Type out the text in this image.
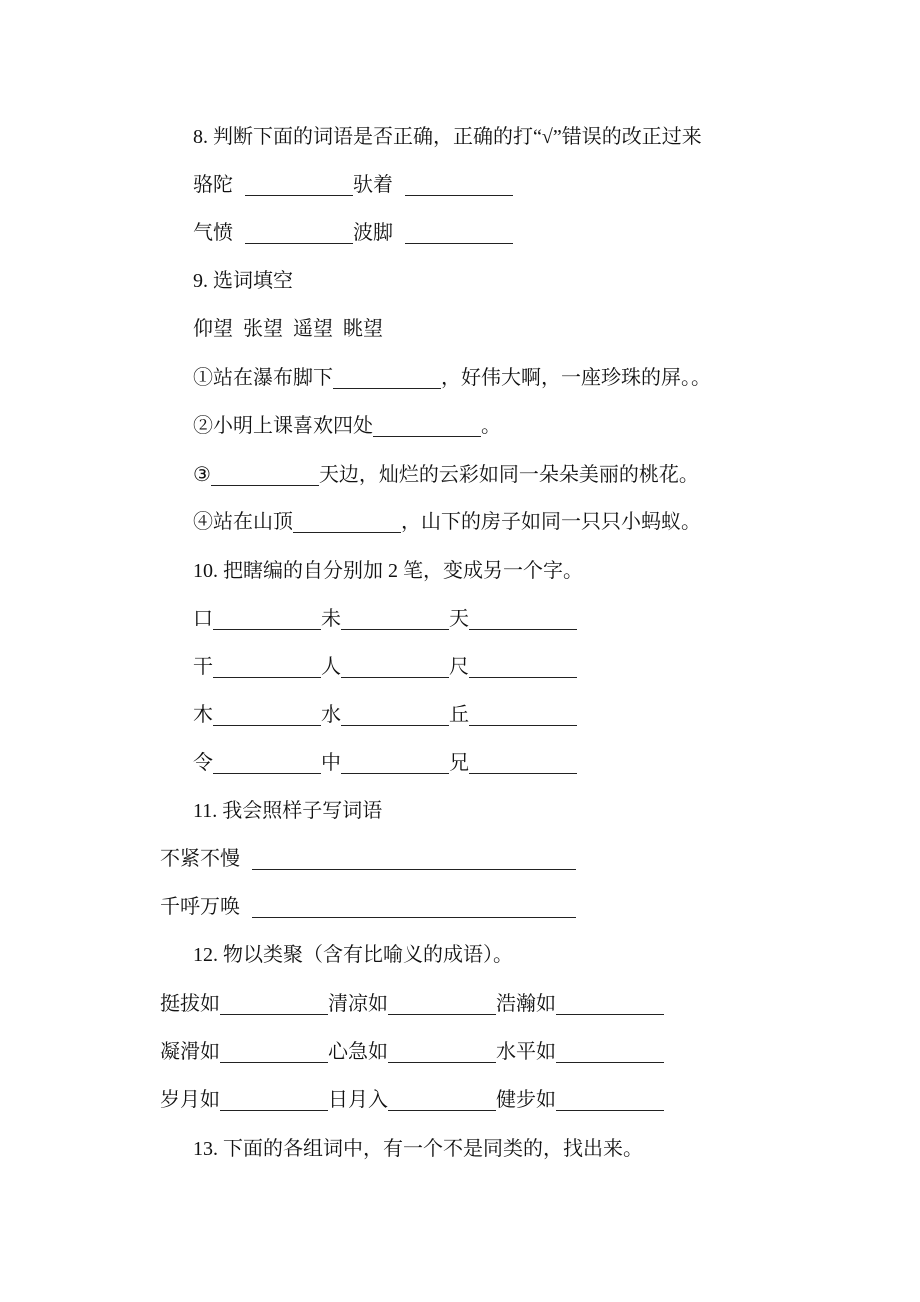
8. 判断下面的词语是否正确，正确的打“√”错误的改正过来
骆陀	驮着
气愤	波脚
9. 选词填空
仰望  张望  遥望  眺望
①站在瀑布脚下	，好伟大啊，一座珍珠的屏。。
②小明上课喜欢四处	。
③	天边，灿烂的云彩如同一朵朵美丽的桃花。
④站在山顶	，山下的房子如同一只只小蚂蚁。
10. 把瞎编的自分别加 2 笔，变成另一个字。
口	未	天
干	人	尺
木	水	丘
令	中	兄
11. 我会照样子写词语
不紧不慢
千呼万唤
12. 物以类聚（含有比喻义的成语）。
挺拔如	清凉如	浩瀚如
凝滑如	心急如	水平如
岁月如	日月入	健步如
13. 下面的各组词中，有一个不是同类的，找出来。
